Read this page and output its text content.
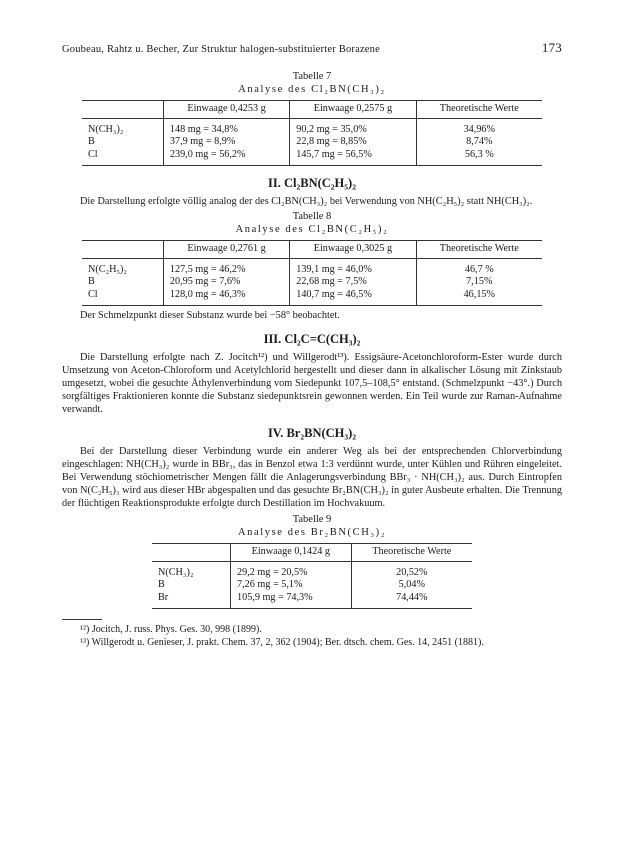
Goubeau, Rahtz u. Becher, Zur Struktur halogen-substituierter Borazene	173
Tabelle 7
Analyse des Cl₂BN(CH₃)₂
	Einwaage 0,4253 g	Einwaage 0,2575 g	Theoretische Werte
N(CH₃)₂	148 mg = 34,8%	90,2 mg = 35,0%	34,96%
B	37,9 mg = 8,9%	22,8 mg = 8,85%	8,74%
Cl	239,0 mg = 56,2%	145,7 mg = 56,5%	56,3 %
II. Cl₂BN(C₂H₅)₂

Die Darstellung erfolgte völlig analog der des Cl₂BN(CH₃)₂ bei Verwendung von NH(C₂H₅)₂ statt NH(CH₃)₂.

Tabelle 8
Analyse des Cl₂BN(C₂H₅)₂
	Einwaage 0,2761 g	Einwaage 0,3025 g	Theoretische Werte
N(C₂H₅)₂	127,5 mg = 46,2%	139,1 mg = 46,0%	46,7 %
B	20,95 mg = 7,6%	22,68 mg = 7,5%	7,15%
Cl	128,0 mg = 46,3%	140,7 mg = 46,5%	46,15%

Der Schmelzpunkt dieser Substanz wurde bei −58° beobachtet.

III. Cl₂C=C(CH₃)₂

Die Darstellung erfolgte nach Z. Jocitch¹²) und Willgerodt¹³). Essigsäure-Acetonchloroform-Ester wurde durch Umsetzung von Aceton-Chloroform und Acetylchlorid hergestellt und dieser dann in alkalischer Lösung mit Zinkstaub umgesetzt, wobei die gesuchte Äthylenverbindung vom Siedepunkt 107,5–108,5° entstand. (Schmelzpunkt −43°.) Durch sorgfältiges Fraktionieren konnte die Substanz siedepunktsrein gewonnen werden. Ein Teil wurde zur Raman-Aufnahme verwandt.

IV. Br₂BN(CH₃)₂

Bei der Darstellung dieser Verbindung wurde ein anderer Weg als bei der entsprechenden Chlorverbindung eingeschlagen: NH(CH₃)₂ wurde in BBr₃, das in Benzol etwa 1:3 verdünnt wurde, unter Kühlen und Rühren eingeleitet. Bei Verwendung stöchiometrischer Mengen fällt die Anlagerungsverbindung BBr₃ · NH(CH₃)₂ aus. Durch Eintropfen von N(C₂H₅)₃ wird aus dieser HBr abgespalten und das gesuchte Br₂BN(CH₃)₂ in guter Ausbeute erhalten. Die Trennung der flüchtigen Reaktionsprodukte erfolgte durch Destillation im Hochvakuum.

Tabelle 9
Analyse des Br₂BN(CH₃)₂
	Einwaage 0,1424 g	Theoretische Werte
N(CH₃)₂	29,2 mg = 20,5%	20,52%
B	7,26 mg = 5,1%	5,04%
Br	105,9 mg = 74,3%	74,44%

¹²) Jocitch, J. russ. Phys. Ges. 30, 998 (1899).

¹³) Willgerodt u. Genieser, J. prakt. Chem. 37, 2, 362 (1904); Ber. dtsch. chem. Ges. 14, 2451 (1881).
